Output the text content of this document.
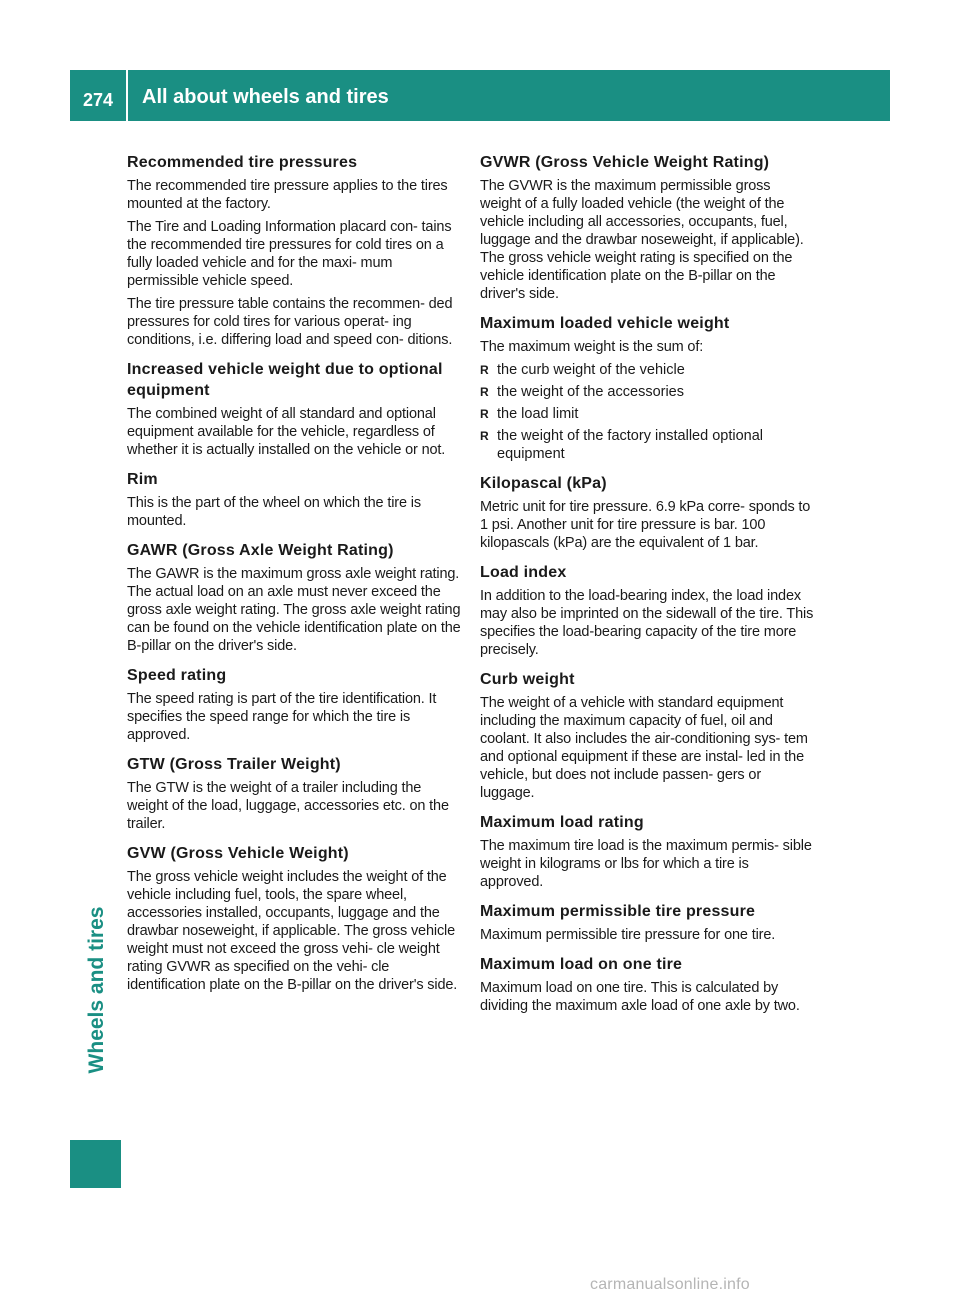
274	All about wheels and tires
Wheels and tires
Recommended tire pressures

The recommended tire pressure applies to the tires mounted at the factory.

The Tire and Loading Information placard con- tains the recommended tire pressures for cold tires on a fully loaded vehicle and for the maxi- mum permissible vehicle speed.

The tire pressure table contains the recommen- ded pressures for cold tires for various operat- ing conditions, i.e. differing load and speed con- ditions.

Increased vehicle weight due to optional equipment

The combined weight of all standard and optional equipment available for the vehicle, regardless of whether it is actually installed on the vehicle or not.

Rim

This is the part of the wheel on which the tire is mounted.

GAWR (Gross Axle Weight Rating)

The GAWR is the maximum gross axle weight rating. The actual load on an axle must never exceed the gross axle weight rating. The gross axle weight rating can be found on the vehicle identification plate on the B-pillar on the driver's side.

Speed rating

The speed rating is part of the tire identification. It specifies the speed range for which the tire is approved.

GTW (Gross Trailer Weight)

The GTW is the weight of a trailer including the weight of the load, luggage, accessories etc. on the trailer.

GVW (Gross Vehicle Weight)

The gross vehicle weight includes the weight of the vehicle including fuel, tools, the spare wheel, accessories installed, occupants, luggage and the drawbar noseweight, if applicable. The gross vehicle weight must not exceed the gross vehi- cle weight rating GVWR as specified on the vehi- cle identification plate on the B-pillar on the driver's side.

GVWR (Gross Vehicle Weight Rating)

The GVWR is the maximum permissible gross weight of a fully loaded vehicle (the weight of the vehicle including all accessories, occupants, fuel, luggage and the drawbar noseweight, if applicable). The gross vehicle weight rating is specified on the vehicle identification plate on the B-pillar on the driver's side.

Maximum loaded vehicle weight

The maximum weight is the sum of:

R the curb weight of the vehicle
R the weight of the accessories
R the load limit
R the weight of the factory installed optional equipment
Kilopascal (kPa)

Metric unit for tire pressure. 6.9 kPa corre- sponds to 1 psi. Another unit for tire pressure is bar. 100 kilopascals (kPa) are the equivalent of 1 bar.

Load index

In addition to the load-bearing index, the load index may also be imprinted on the sidewall of the tire. This specifies the load-bearing capacity of the tire more precisely.

Curb weight

The weight of a vehicle with standard equipment including the maximum capacity of fuel, oil and coolant. It also includes the air-conditioning sys- tem and optional equipment if these are instal- led in the vehicle, but does not include passen- gers or luggage.

Maximum load rating

The maximum tire load is the maximum permis- sible weight in kilograms or lbs for which a tire is approved.

Maximum permissible tire pressure

Maximum permissible tire pressure for one tire.

Maximum load on one tire

Maximum load on one tire. This is calculated by dividing the maximum axle load of one axle by two.

carmanualsonline.info
